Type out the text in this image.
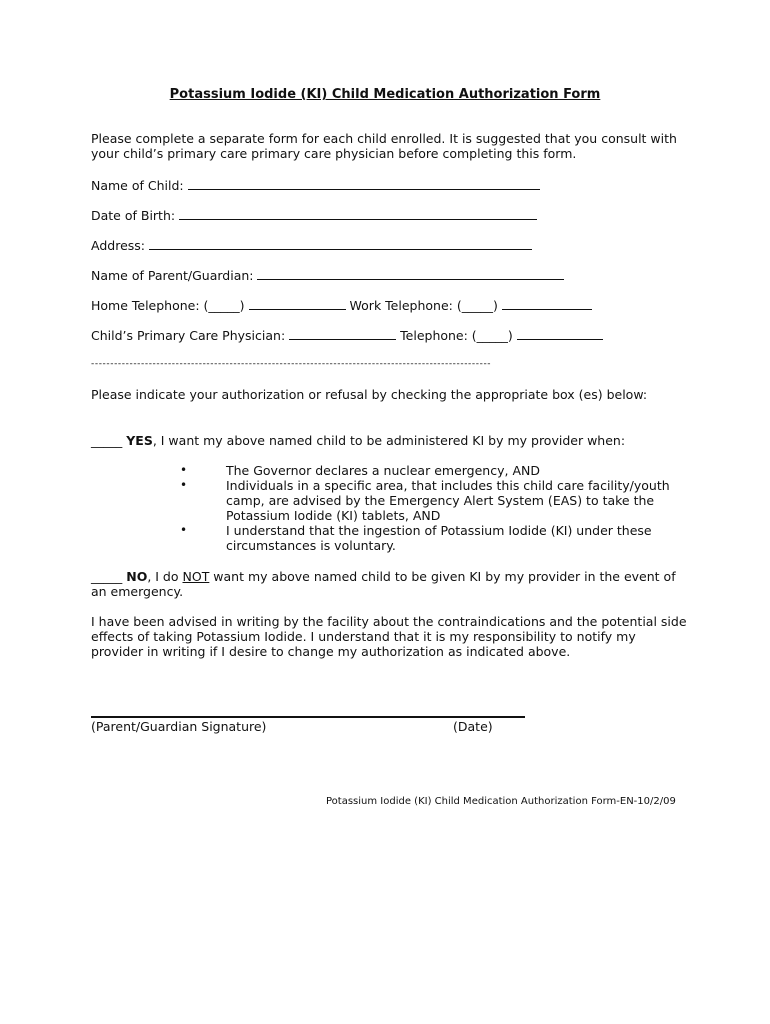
Potassium Iodide (KI) Child Medication Authorization Form
Please complete a separate form for each child enrolled. It is suggested that you consult with your child’s primary care primary care physician before completing this form.
Name of Child:
Date of Birth:
Address:
Name of Parent/Guardian:
Home Telephone: (_____)	Work Telephone: (_____)
Child’s Primary Care Physician:	Telephone: (_____)
--------------------------------------------------------------------------------------------------------
Please indicate your authorization or refusal by checking the appropriate box (es) below:
_____ YES, I want my above named child to be administered KI by my provider when:
•	The Governor declares a nuclear emergency, AND
•	Individuals in a specific area, that includes this child care facility/youth camp, are advised by the Emergency Alert System (EAS) to take the Potassium Iodide (KI) tablets, AND
•	I understand that the ingestion of Potassium Iodide (KI) under these circumstances is voluntary.
_____ NO, I do NOT want my above named child to be given KI by my provider in the event of an emergency.
I have been advised in writing by the facility about the contraindications and the potential side effects of taking Potassium Iodide. I understand that it is my responsibility to notify my provider in writing if I desire to change my authorization as indicated above.
(Parent/Guardian Signature)	(Date)
Potassium Iodide (KI) Child Medication Authorization Form-EN-10/2/09
